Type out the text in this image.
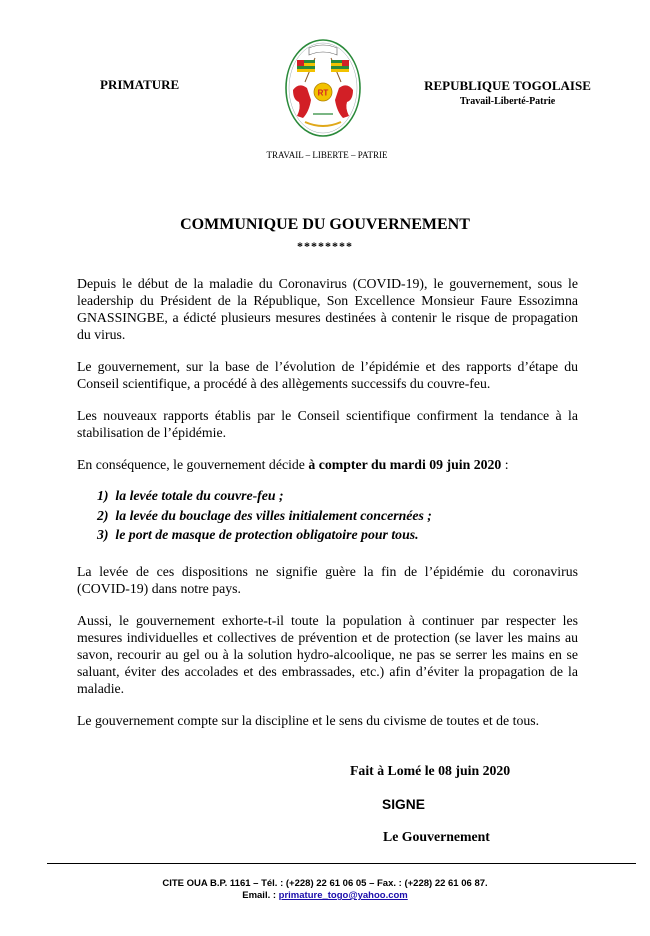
PRIMATURE
RT
TRAVAIL – LIBERTE – PATRIE
REPUBLIQUE TOGOLAISE
Travail-Liberté-Patrie
COMMUNIQUE DU GOUVERNEMENT
********

Depuis le début de la maladie du Coronavirus (COVID-19), le gouvernement, sous le leadership du Président de la République, Son Excellence Monsieur Faure Essozimna GNASSINGBE, a édicté plusieurs mesures destinées à contenir le risque de propagation du virus.

Le gouvernement, sur la base de l’évolution de l’épidémie et des rapports d’étape du Conseil scientifique, a procédé à des allègements successifs du couvre-feu.

Les nouveaux rapports établis par le Conseil scientifique confirment la tendance à la stabilisation de l’épidémie.

En conséquence, le gouvernement décide à compter du mardi 09 juin 2020 :

1) la levée totale du couvre-feu ;
2) la levée du bouclage des villes initialement concernées ;
3) le port de masque de protection obligatoire pour tous.

La levée de ces dispositions ne signifie guère la fin de l’épidémie du coronavirus (COVID-19) dans notre pays.

Aussi, le gouvernement exhorte-t-il toute la population à continuer par respecter les mesures individuelles et collectives de prévention et de protection (se laver les mains au savon, recourir au gel ou à la solution hydro-alcoolique, ne pas se serrer les mains en se saluant, éviter des accolades et des embrassades, etc.) afin d’éviter la propagation de la maladie.

Le gouvernement compte sur la discipline et le sens du civisme de toutes et de tous.

Fait à Lomé le 08 juin 2020
SIGNE
Le Gouvernement
CITE OUA B.P. 1161 – Tél. : (+228) 22 61 06 05 – Fax. : (+228) 22 61 06 87.
Email. : primature_togo@yahoo.com
